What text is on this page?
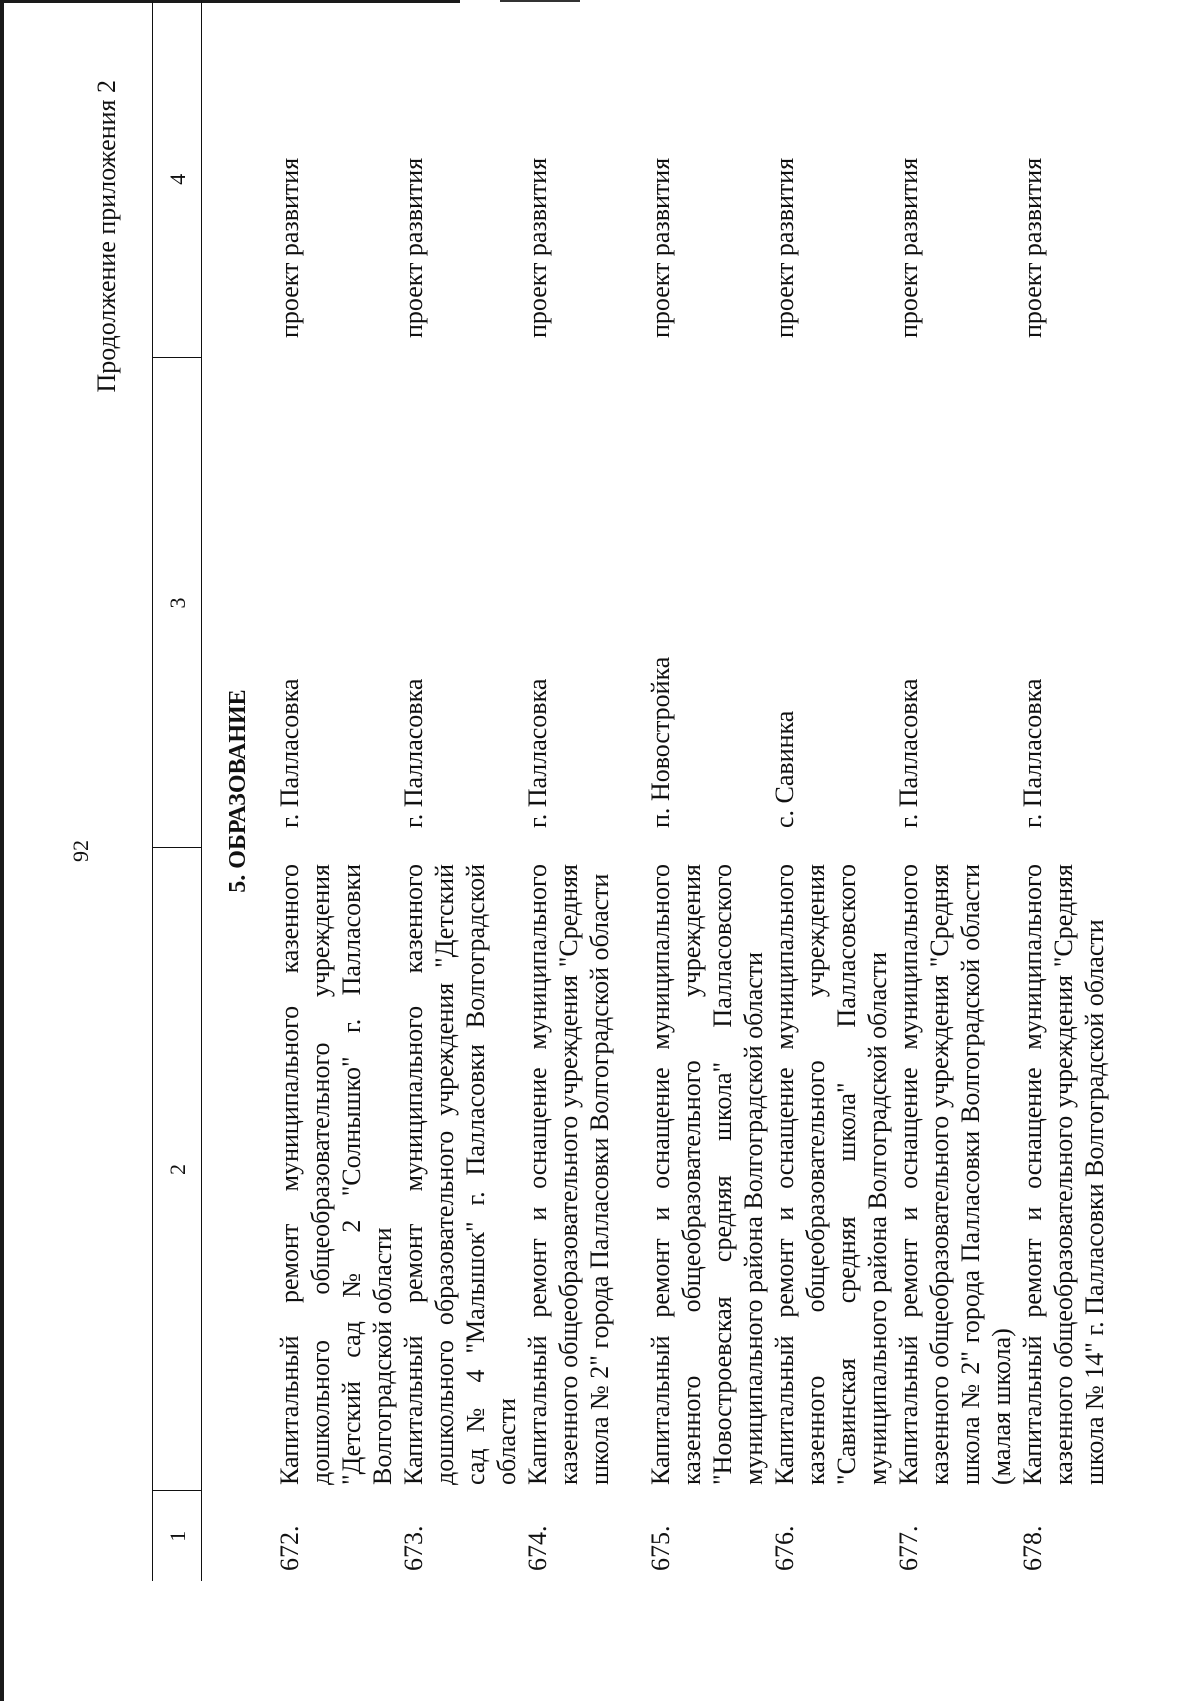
92
Продолжение приложения 2
1	2	3	4
5. ОБРАЗОВАНИЕ			
672.	Капитальный ремонт муниципального казенного дошкольного общеобразовательного учреждения "Детский сад № 2 "Солнышко" г. Палласовки Волгоградской области	г. Палласовка	проект развития
673.	Капитальный ремонт муниципального казенного дошкольного образовательного учреждения "Детский сад № 4 "Малышок" г. Палласовки Волгоградской области	г. Палласовка	проект развития
674.	Капитальный ремонт и оснащение муниципального казенного общеобразовательного учреждения "Средняя школа № 2" города Палласовки Волгоградской области	г. Палласовка	проект развития
675.	Капитальный ремонт и оснащение муниципального казенного общеобразовательного учреждения "Новостроевская средняя школа" Палласовского муниципального района Волгоградской области	п. Новостройка	проект развития
676.	Капитальный ремонт и оснащение муниципального казенного общеобразовательного учреждения "Савинская средняя школа" Палласовского муниципального района Волгоградской области	с. Савинка	проект развития
677.	Капитальный ремонт и оснащение муниципального казенного общеобразовательного учреждения "Средняя школа № 2" города Палласовки Волгоградской области (малая школа)	г. Палласовка	проект развития
678.	Капитальный ремонт и оснащение муниципального казенного общеобразовательного учреждения "Средняя школа № 14" г. Палласовки Волгоградской области	г. Палласовка	проект развития
